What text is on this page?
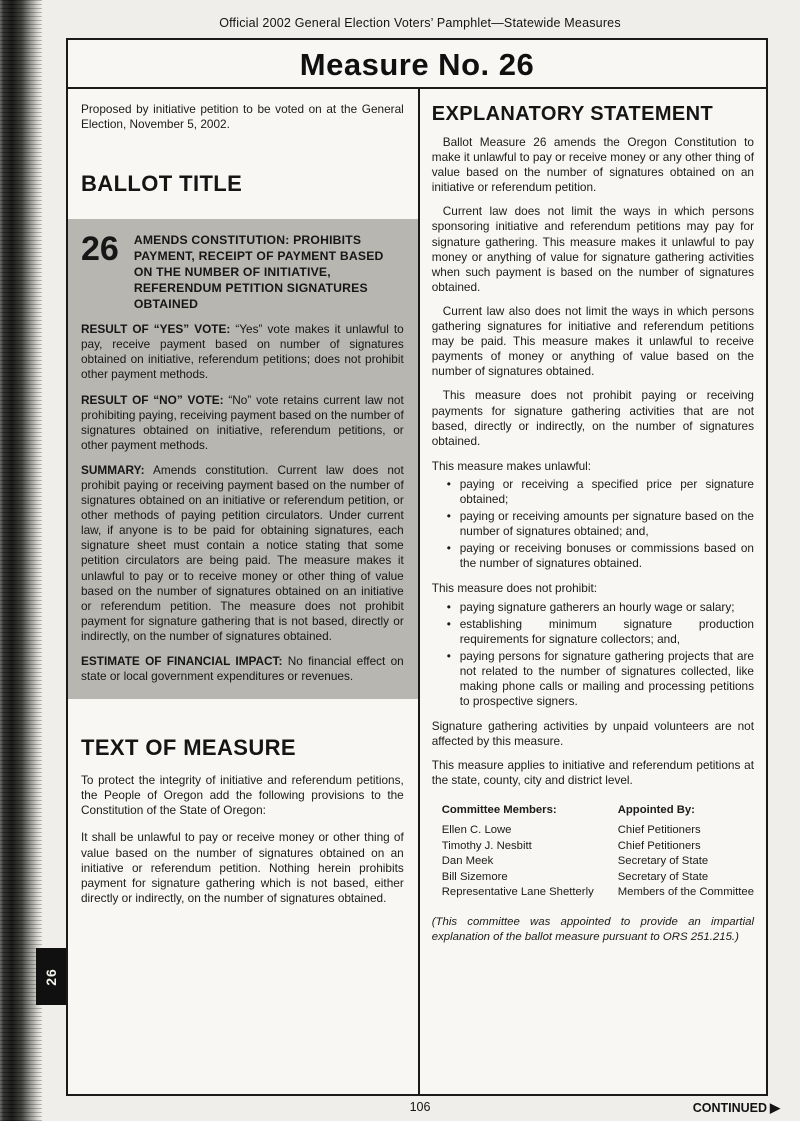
Official 2002 General Election Voters’ Pamphlet—Statewide Measures
Measure No. 26

Proposed by initiative petition to be voted on at the General Election, November 5, 2002.

BALLOT TITLE
26 AMENDS CONSTITUTION: PROHIBITS PAYMENT, RECEIPT OF PAYMENT BASED ON THE NUMBER OF INITIATIVE, REFERENDUM PETITION SIGNATURES OBTAINED

RESULT OF “YES” VOTE: “Yes” vote makes it unlawful to pay, receive payment based on number of signatures obtained on initiative, referendum petitions; does not prohibit other payment methods.

RESULT OF “NO” VOTE: “No” vote retains current law not prohibiting paying, receiving payment based on the number of signatures obtained on initiative, referendum petitions, or other payment methods.

SUMMARY: Amends constitution. Current law does not prohibit paying or receiving payment based on the number of signatures obtained on an initiative or referendum petition, or other methods of paying petition circulators. Under current law, if anyone is to be paid for obtaining signatures, each signature sheet must contain a notice stating that some petition circulators are being paid. The measure makes it unlawful to pay or to receive money or other thing of value based on the number of signatures obtained on an initiative or referendum petition. The measure does not prohibit payment for signature gathering that is not based, directly or indirectly, on the number of signatures obtained.

ESTIMATE OF FINANCIAL IMPACT: No financial effect on state or local government expenditures or revenues.

TEXT OF MEASURE

To protect the integrity of initiative and referendum petitions, the People of Oregon add the following provisions to the Constitution of the State of Oregon:

It shall be unlawful to pay or receive money or other thing of value based on the number of signatures obtained on an initiative or referendum petition. Nothing herein prohibits payment for signature gathering which is not based, either directly or indirectly, on the number of signatures obtained.

EXPLANATORY STATEMENT

Ballot Measure 26 amends the Oregon Constitution to make it unlawful to pay or receive money or any other thing of value based on the number of signatures obtained on an initiative or referendum petition.

Current law does not limit the ways in which persons sponsoring initiative and referendum petitions may pay for signature gathering. This measure makes it unlawful to pay money or anything of value for signature gathering activities when such payment is based on the number of signatures obtained.

Current law also does not limit the ways in which persons gathering signatures for initiative and referendum petitions may be paid. This measure makes it unlawful to receive payments of money or anything of value based on the number of signatures obtained.

This measure does not prohibit paying or receiving payments for signature gathering activities that are not based, directly or indirectly, on the number of signatures obtained.

This measure makes unlawful:

• paying or receiving a specified price per signature obtained;
• paying or receiving amounts per signature based on the number of signatures obtained; and,
• paying or receiving bonuses or commissions based on the number of signatures obtained.

This measure does not prohibit:

• paying signature gatherers an hourly wage or salary;
• establishing minimum signature production requirements for signature collectors; and,
• paying persons for signature gathering projects that are not related to the number of signatures collected, like making phone calls or mailing and processing petitions to prospective signers.

Signature gathering activities by unpaid volunteers are not affected by this measure.

This measure applies to initiative and referendum petitions at the state, county, city and district level.

Committee Members:	Appointed By:
Ellen C. Lowe	Chief Petitioners
Timothy J. Nesbitt	Chief Petitioners
Dan Meek	Secretary of State
Bill Sizemore	Secretary of State
Representative Lane Shetterly	Members of the Committee

(This committee was appointed to provide an impartial explanation of the ballot measure pursuant to ORS 251.215.)

106	CONTINUED ▶
26
